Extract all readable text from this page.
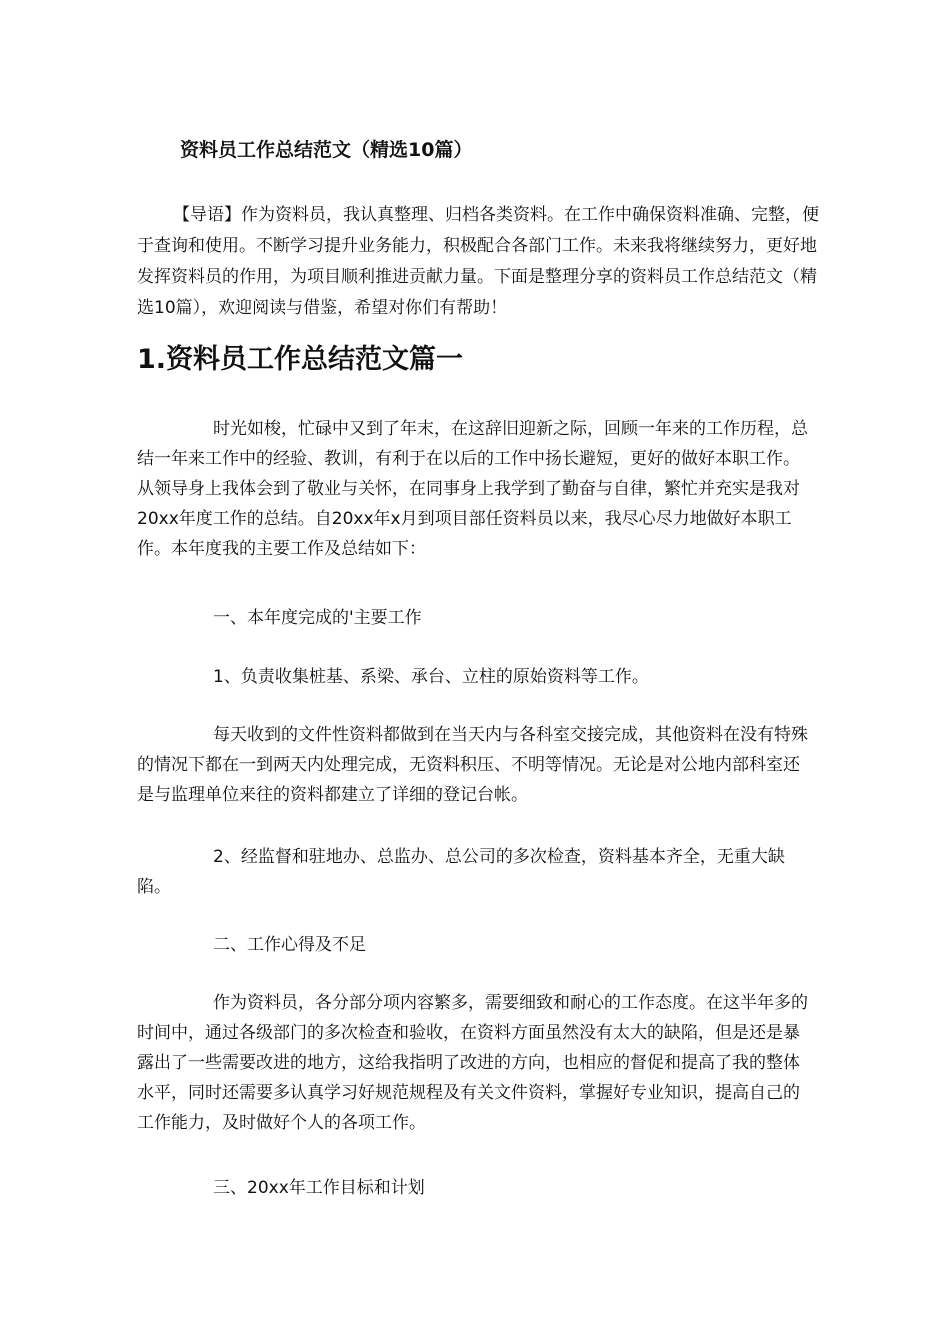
资料员工作总结范文（精选10篇）

【导语】作为资料员，我认真整理、归档各类资料。在工作中确保资料准确、完整，便于查询和使用。不断学习提升业务能力，积极配合各部门工作。未来我将继续努力，更好地发挥资料员的作用，为项目顺利推进贡献力量。下面是整理分享的资料员工作总结范文（精选10篇），欢迎阅读与借鉴，希望对你们有帮助！

1.资料员工作总结范文篇一

时光如梭，忙碌中又到了年末，在这辞旧迎新之际，回顾一年来的工作历程，总结一年来工作中的经验、教训，有利于在以后的工作中扬长避短，更好的做好本职工作。从领导身上我体会到了敬业与关怀，在同事身上我学到了勤奋与自律，繁忙并充实是我对20xx年度工作的总结。自20xx年x月到项目部任资料员以来，我尽心尽力地做好本职工作。本年度我的主要工作及总结如下：

一、本年度完成的'主要工作

1、负责收集桩基、系梁、承台、立柱的原始资料等工作。

每天收到的文件性资料都做到在当天内与各科室交接完成，其他资料在没有特殊的情况下都在一到两天内处理完成，无资料积压、不明等情况。无论是对公地内部科室还是与监理单位来往的资料都建立了详细的登记台帐。

2、经监督和驻地办、总监办、总公司的多次检查，资料基本齐全，无重大缺陷。

二、工作心得及不足

作为资料员，各分部分项内容繁多，需要细致和耐心的工作态度。在这半年多的时间中，通过各级部门的多次检查和验收，在资料方面虽然没有太大的缺陷，但是还是暴露出了一些需要改进的地方，这给我指明了改进的方向，也相应的督促和提高了我的整体水平，同时还需要多认真学习好规范规程及有关文件资料，掌握好专业知识，提高自己的工作能力，及时做好个人的各项工作。

三、20xx年工作目标和计划
